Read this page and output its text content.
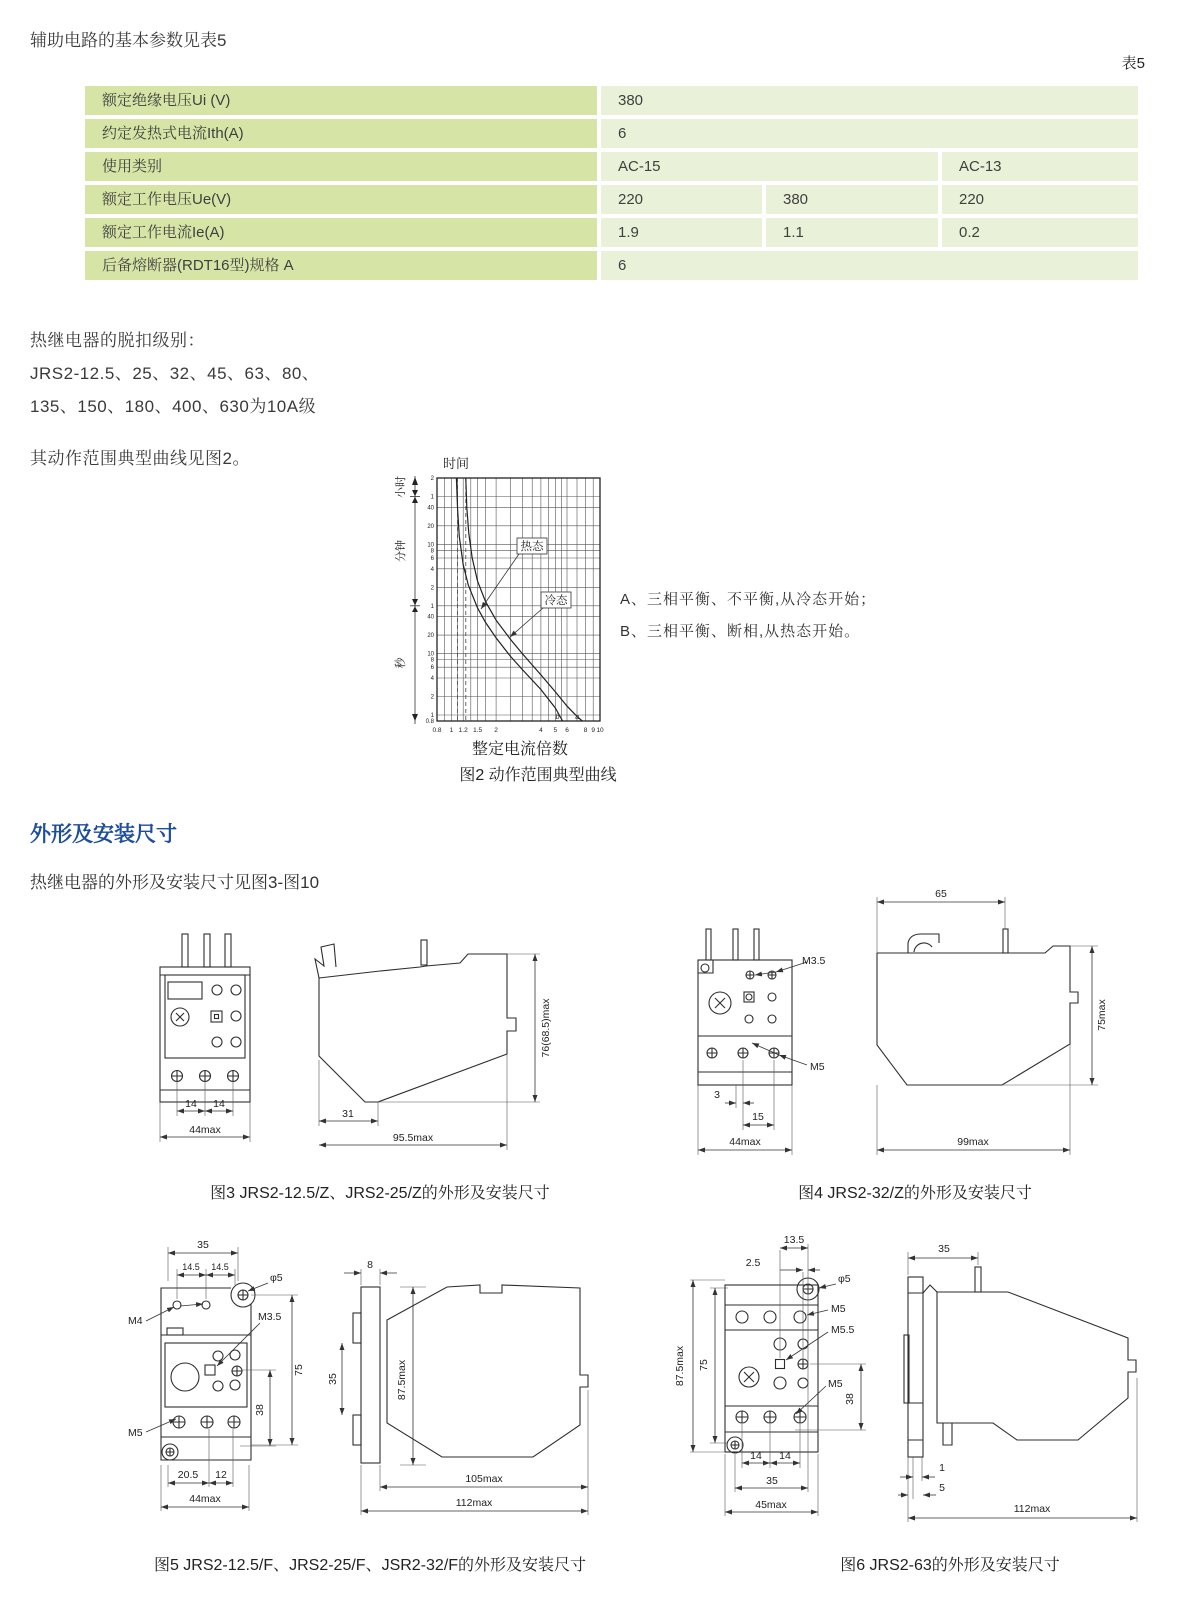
辅助电路的基本参数见表5
表5
额定绝缘电压Ui (V)	380
约定发热式电流Ith(A)	6
使用类别	AC-15	AC-13
额定工作电压Ue(V)	220	380	220
额定工作电流Ie(A)	1.9	1.1	0.2
后备熔断器(RDT16型)规格 A	6
热继电器的脱扣级别：
JRS2-12.5、25、32、45、63、80、
135、150、180、400、630为10A级
其动作范围典型曲线见图2。
0.8 1 1.2 1.5 2	4 5 6 8 9 10
2
1
40
20
10
8
6
4
2
1
40
20
10
8
6
4
2
1
0.8
a
b
小时
分钟
秒
时间
热态
冷态
整定电流倍数
图2 动作范围典型曲线
A、三相平衡、不平衡,从冷态开始；
B、三相平衡、断相,从热态开始。
外形及安装尺寸
热继电器的外形及安装尺寸见图3-图10
14 14
44max
31
95.5max
76(68.5)max
M3.5
M5
3
15
44max
65
99max
75max
图3 JRS2-12.5/Z、JRS2-25/Z的外形及安装尺寸	图4 JRS2-32/Z的外形及安装尺寸
35
14.5 14.5
φ5
M4	M3.5
M5
75
38
20.5 12
44max
8
35	87.5max
105max
112max
13.5
2.5
φ5
M5
M5.5
M5
87.5max 75
38
14 14
35
45max
35
1
5
112max
图5 JRS2-12.5/F、JRS2-25/F、JSR2-32/F的外形及安装尺寸	图6 JRS2-63的外形及安装尺寸
